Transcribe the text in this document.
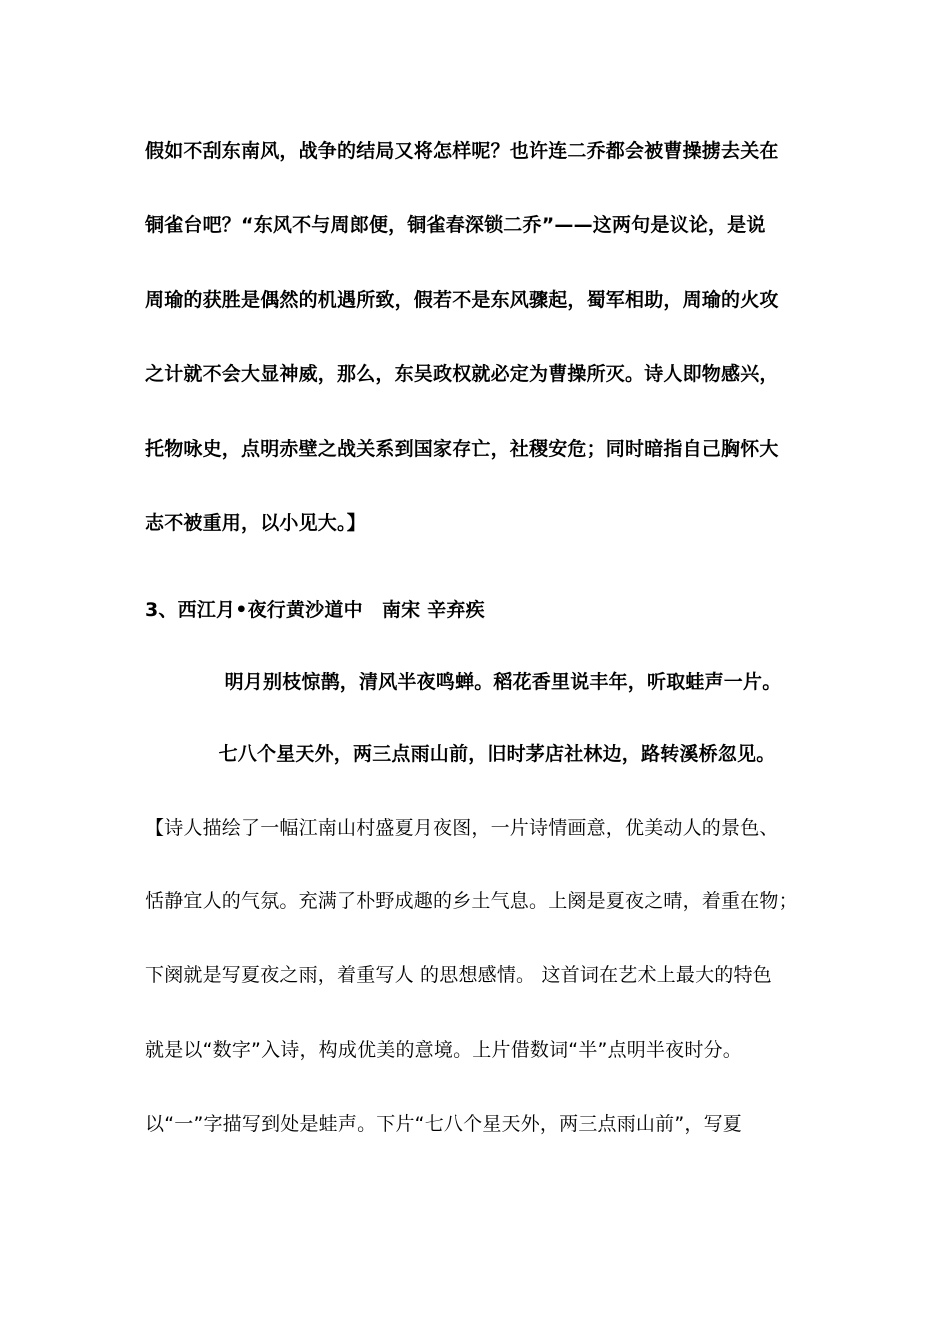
假如不刮东南风，战争的结局又将怎样呢？也许连二乔都会被曹操掳去关在
铜雀台吧？“东风不与周郎便，铜雀春深锁二乔”——这两句是议论，是说
周瑜的获胜是偶然的机遇所致，假若不是东风骤起，蜀军相助，周瑜的火攻
之计就不会大显神威，那么，东吴政权就必定为曹操所灭。诗人即物感兴，
托物咏史，点明赤壁之战关系到国家存亡，社稷安危；同时暗指自己胸怀大
志不被重用，以小见大。】
3、西江月•夜行黄沙道中　南宋 辛弃疾
明月别枝惊鹊，清风半夜鸣蝉。稻花香里说丰年，听取蛙声一片。
七八个星天外，两三点雨山前，旧时茅店社林边，路转溪桥忽见。
【诗人描绘了一幅江南山村盛夏月夜图，一片诗情画意，优美动人的景色、
恬静宜人的气氛。充满了朴野成趣的乡土气息。上阕是夏夜之晴，着重在物；
下阕就是写夏夜之雨，着重写人 的思想感情。 这首词在艺术上最大的特色
就是以“数字”入诗，构成优美的意境。上片借数词“半”点明半夜时分。
以“一”字描写到处是蛙声。下片“七八个星天外，两三点雨山前”，写夏
